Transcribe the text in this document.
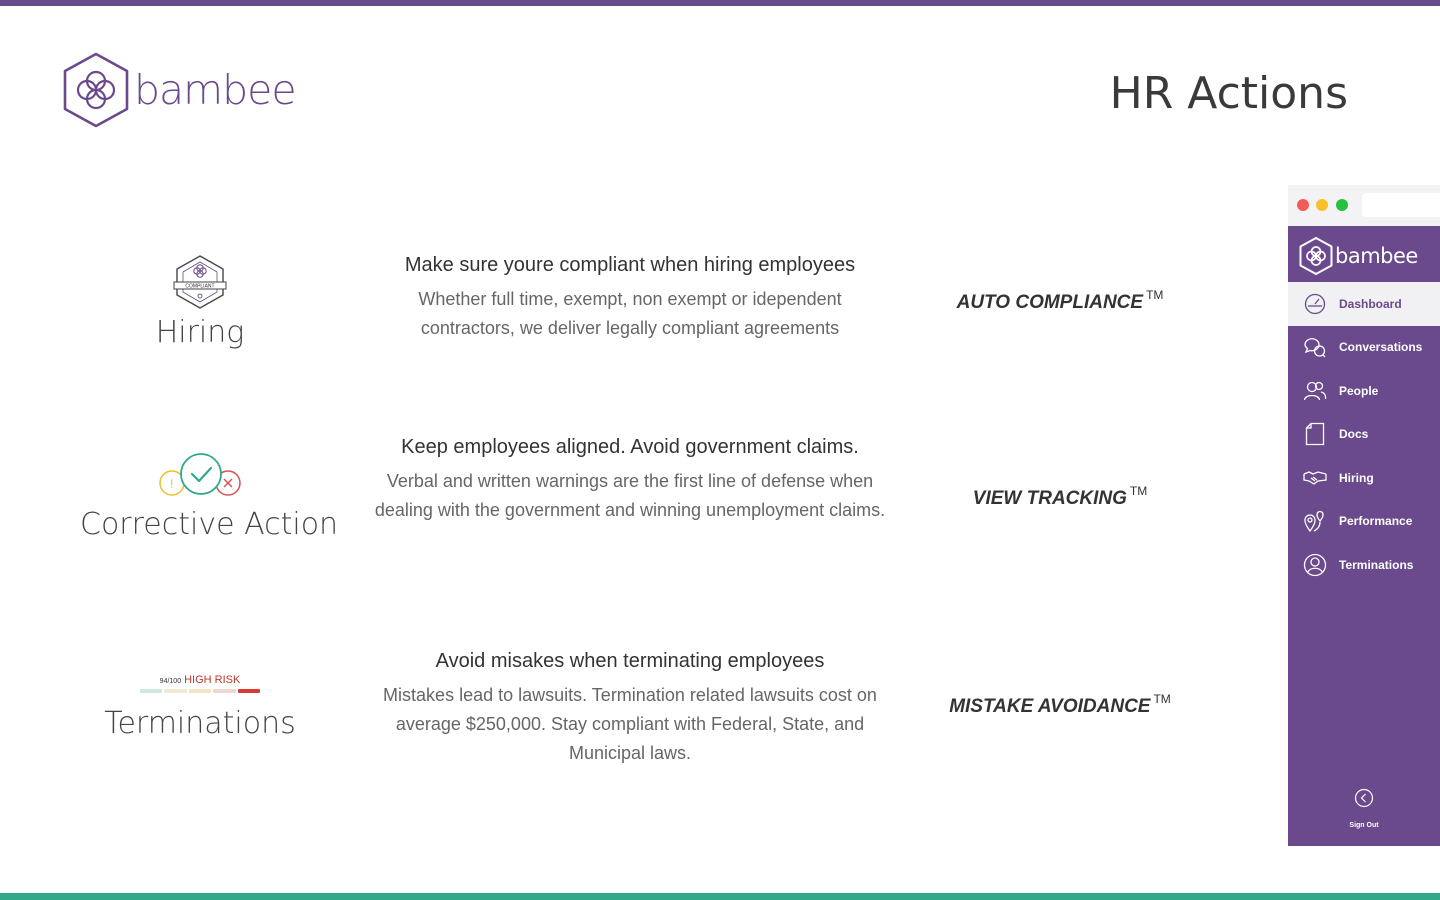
bambee	HR Actions
COMPLIANT
Hiring
Make sure youre compliant when hiring employees
Whether full time, exempt, non exempt or idependent contractors, we deliver legally compliant agreements
AUTO COMPLIANCE ™
!
Corrective Action
Keep employees aligned. Avoid government claims.
Verbal and written warnings are the first line of defense when dealing with the government and winning unemployment claims.
VIEW TRACKING ™
94/100 HIGH RISK
Terminations
Avoid misakes when terminating employees
Mistakes lead to lawsuits. Termination related lawsuits cost on average $250,000. Stay compliant with Federal, State, and Municipal laws.
MISTAKE AVOIDANCE ™
bambee
Dashboard
Conversations
People
Docs
Hiring
Performance
Terminations
Sign Out
